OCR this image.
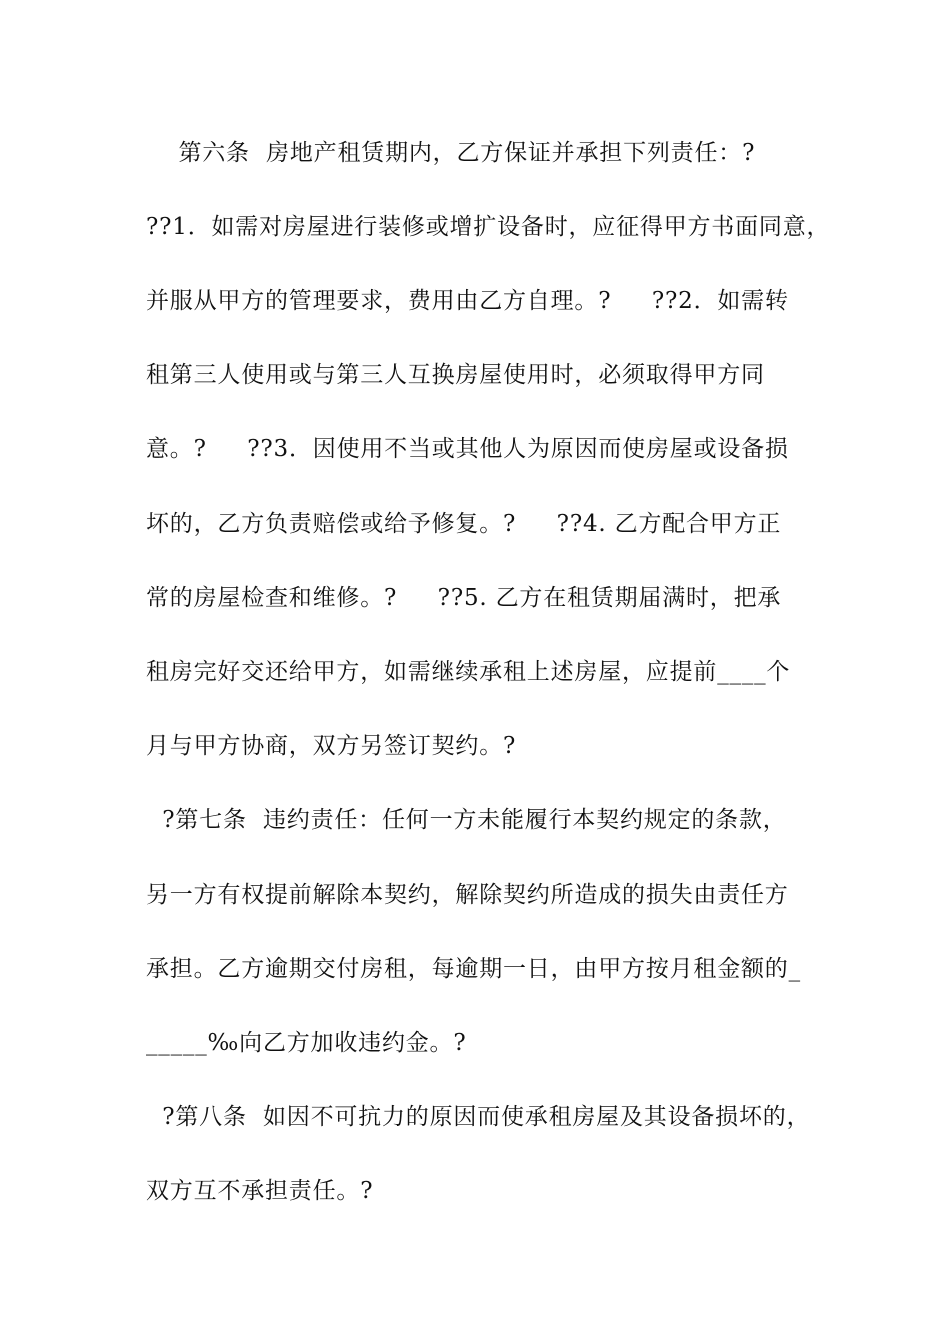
第六条  房地产租赁期内，乙方保证并承担下列责任：?
??1．如需对房屋进行装修或增扩设备时，应征得甲方书面同意，
并服从甲方的管理要求，费用由乙方自理。?     ??2．如需转
租第三人使用或与第三人互换房屋使用时，必须取得甲方同
意。?     ??3．因使用不当或其他人为原因而使房屋或设备损
坏的，乙方负责赔偿或给予修复。?     ??4. 乙方配合甲方正
常的房屋检查和维修。?     ??5. 乙方在租赁期届满时，把承
租房完好交还给甲方，如需继续承租上述房屋，应提前____个
月与甲方协商，双方另签订契约。?
?第七条  违约责任：任何一方未能履行本契约规定的条款，
另一方有权提前解除本契约，解除契约所造成的损失由责任方
承担。乙方逾期交付房租，每逾期一日，由甲方按月租金额的_
_____‰向乙方加收违约金。?
?第八条  如因不可抗力的原因而使承租房屋及其设备损坏的，
双方互不承担责任。?
